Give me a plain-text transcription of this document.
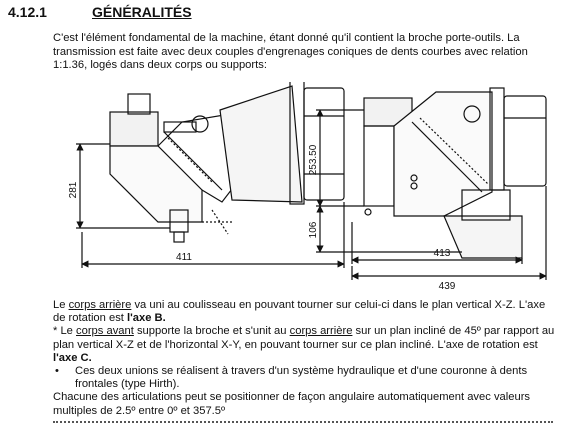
4.12.1	GÉNÉRALITÉS
C'est l'élément fondamental de la machine, étant donné qu'il contient la broche porte-outils. La transmission est faite avec deux couples d'engrenages coniques de dents courbes avec relation 1:1.36, logés dans deux corps ou supports:
281
411
253.50
106
413
439

Le corps arrière va uni au coulisseau en pouvant tourner sur celui-ci dans le plan vertical X-Z. L'axe de rotation est l'axe B.

* Le corps avant supporte la broche et s'unit au corps arrière sur un plan incliné de 45º par rapport au plan vertical X-Z et de l'horizontal X-Y, en pouvant tourner sur ce plan incliné. L'axe de rotation est l'axe C.

•	Ces deux unions se réalisent à travers d'un système hydraulique et d'une couronne à dents frontales (type Hirth).

Chacune des articulations peut se positionner de façon angulaire automatiquement avec valeurs multiples de 2.5º entre 0º et 357.5º
